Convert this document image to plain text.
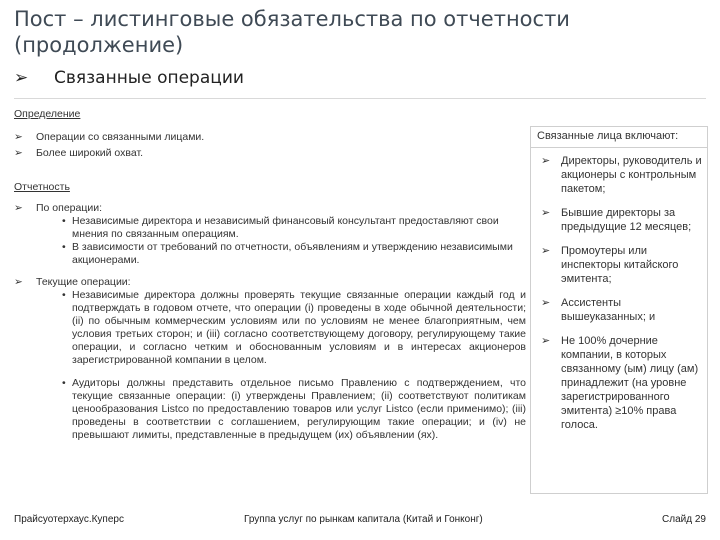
Пост – листинговые обязательства по отчетности (продолжение)
➢ Связанные операции

Определение

➢ Операции со связанными лицами.

➢ Более широкий охват.

Отчетность

➢ По операции:

• Независимые директора и независимый финансовый консультант предоставляют свои мнения по связанным операциям.

• В зависимости от требований по отчетности, объявлениям и утверждению независимыми акционерами.

➢ Текущие операции:

• Независимые директора должны проверять текущие связанные операции каждый год и подтверждать в годовом отчете, что операции (i) проведены в ходе обычной деятельности; (ii) по обычным коммерческим условиям или по условиям не менее благоприятным, чем условия третьих сторон; и (iii) согласно соответствующему договору, регулирующему такие операции, и согласно четким и обоснованным условиям и в интересах акционеров зарегистрированной компании в целом.

• Аудиторы должны представить отдельное письмо Правлению с подтверждением, что текущие связанные операции: (i) утверждены Правлением; (ii) соответствуют политикам ценообразования Listco по предоставлению товаров или услуг Listco (если применимо); (iii) проведены в соответствии с соглашением, регулирующим такие операции; и (iv) не превышают лимиты, представленные в предыдущем (их) объявлении (ях).

Связанные лица включают:
➢ Директоры, руководитель и акционеры с контрольным пакетом;
➢ Бывшие директоры за предыдущие 12 месяцев;
➢ Промоутеры или инспекторы китайского эмитента;
➢ Ассистенты вышеуказанных; и
➢ Не 100% дочерние компании, в которых связанному (ым) лицу (ам) принадлежит (на уровне зарегистрированного эмитента) ≥10% права голоса.
Прайсуотерхаус.Куперс	Группа услуг по рынкам капитала (Китай и Гонконг)	Слайд 29
